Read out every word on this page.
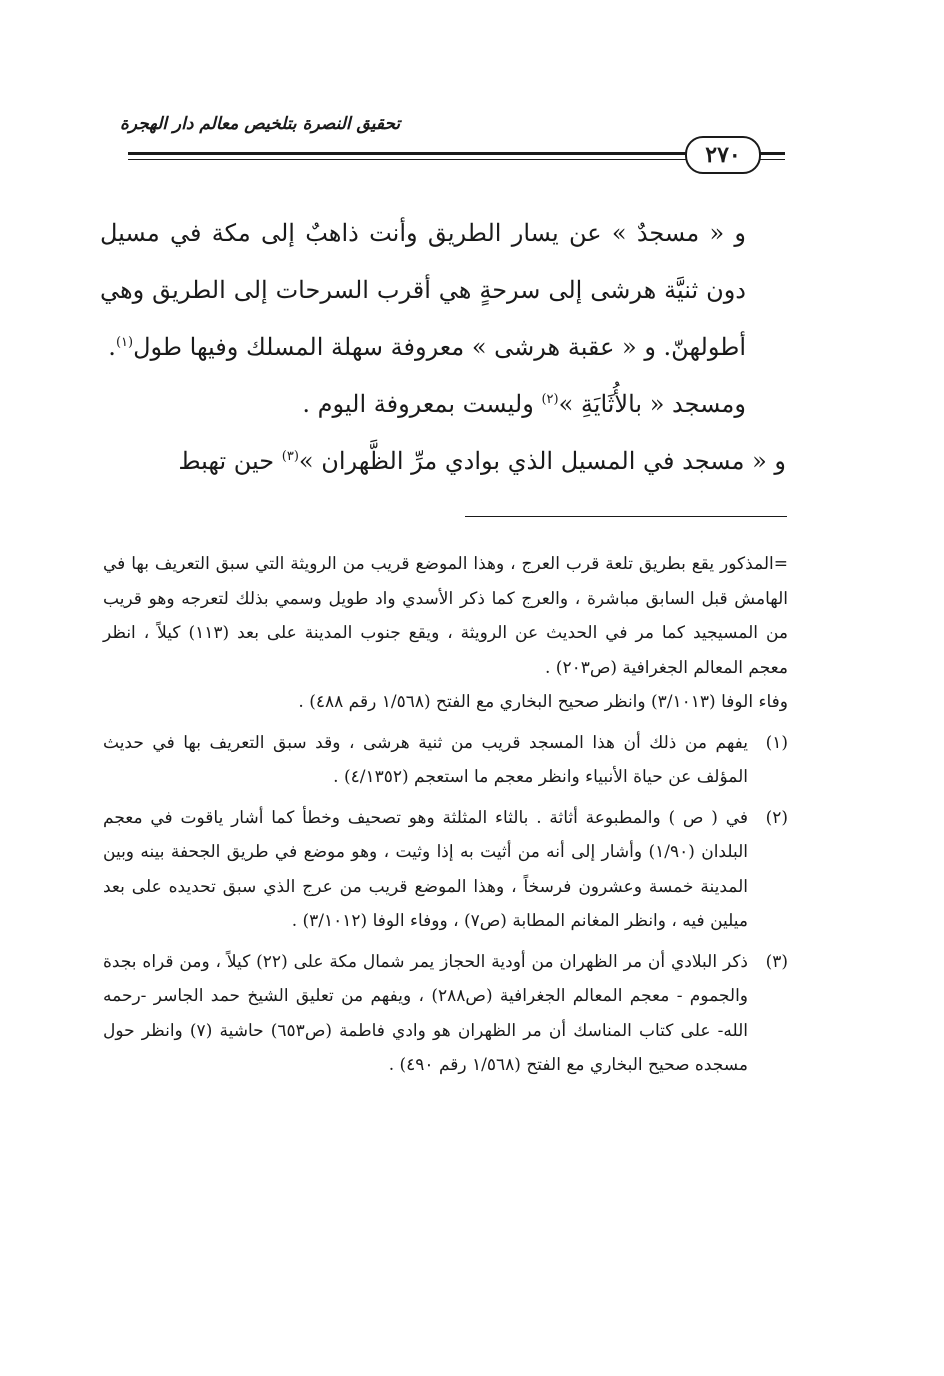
تحقيق النصرة بتلخيص معالم دار الهجرة
٢٧٠

و « مسجدٌ » عن يسار الطريق وأنت ذاهبٌ إلى مكة في مسيل دون ثنيَّة هرشى إلى سرحةٍ هي أقرب السرحات إلى الطريق وهي أطولهنّ. و « عقبة هرشى » معروفة سهلة المسلك وفيها طول$^{(١)}$.

ومسجد « بالأُثَايَةِ »$^{(٢)}$ وليست بمعروفة اليوم .

و « مسجد في المسيل الذي بوادي مرِّ الظَّهران »$^{(٣)}$ حين تهبط

=المذكور يقع بطريق تلعة قرب العرج ، وهذا الموضع قريب من الرويثة التي سبق التعريف بها في الهامش قبل السابق مباشرة ، والعرج كما ذكر الأسدي واد طويل وسمي بذلك لتعرجه وهو قريب من المسيجيد كما مر في الحديث عن الرويثة ، ويقع جنوب المدينة على بعد (١١٣) كيلاً ، انظر معجم المعالم الجغرافية (ص٢٠٣) .

وفاء الوفا (٣/١٠١٣) وانظر صحيح البخاري مع الفتح (١/٥٦٨ رقم ٤٨٨) .

(١)
يفهم من ذلك أن هذا المسجد قريب من ثنية هرشى ، وقد سبق التعريف بها في حديث المؤلف عن حياة الأنبياء وانظر معجم ما استعجم (٤/١٣٥٢) .
(٢)
في ( ص ) والمطبوعة أثاثة . بالثاء المثلثة وهو تصحيف وخطأ كما أشار ياقوت في معجم البلدان (١/٩٠) وأشار إلى أنه من أثيت به إذا وثيت ، وهو موضع في طريق الجحفة بينه وبين المدينة خمسة وعشرون فرسخاً ، وهذا الموضع قريب من عرج الذي سبق تحديده على بعد ميلين فيه ، وانظر المغانم المطابة (ص٧) ، ووفاء الوفا (٣/١٠١٢) .
(٣)
ذكر البلادي أن مر الظهران من أودية الحجاز يمر شمال مكة على (٢٢) كيلاً ، ومن قراه بجدة والجموم - معجم المعالم الجغرافية (ص٢٨٨) ، ويفهم من تعليق الشيخ حمد الجاسر -رحمه الله- على كتاب المناسك أن مر الظهران هو وادي فاطمة (ص٦٥٣) حاشية (٧) وانظر حول مسجده صحيح البخاري مع الفتح (١/٥٦٨ رقم ٤٩٠) .
